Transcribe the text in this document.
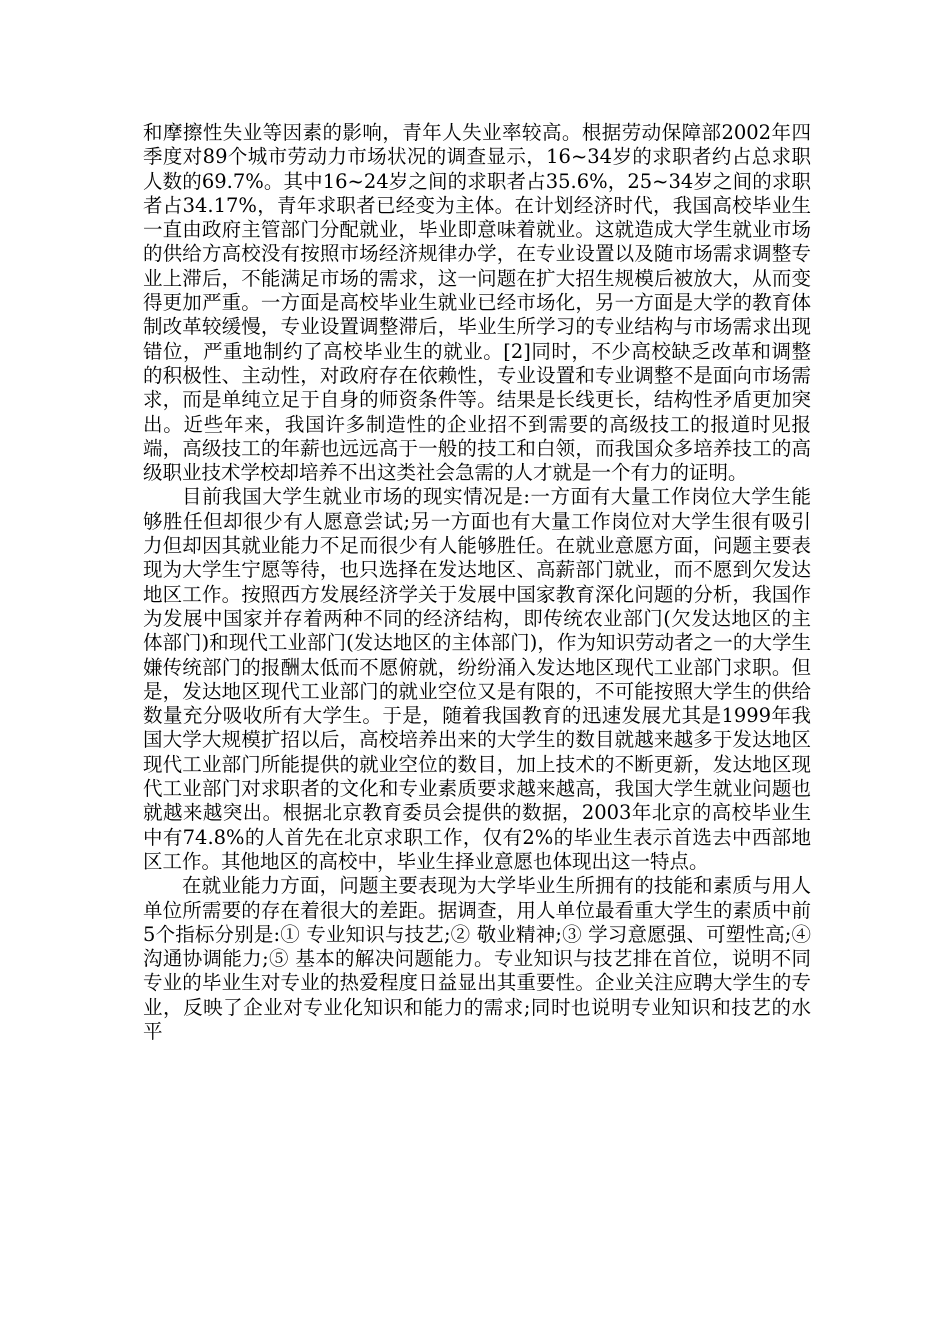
和摩擦性失业等因素的影响，青年人失业率较高。根据劳动保障部2002年四季度对89个城市劳动力市场状况的调查显示，16~34岁的求职者约占总求职人数的69.7%。其中16~24岁之间的求职者占35.6%，25~34岁之间的求职者占34.17%，青年求职者已经变为主体。在计划经济时代，我国高校毕业生一直由政府主管部门分配就业，毕业即意味着就业。这就造成大学生就业市场的供给方高校没有按照市场经济规律办学，在专业设置以及随市场需求调整专业上滞后，不能满足市场的需求，这一问题在扩大招生规模后被放大，从而变得更加严重。一方面是高校毕业生就业已经市场化，另一方面是大学的教育体制改革较缓慢，专业设置调整滞后，毕业生所学习的专业结构与市场需求出现错位，严重地制约了高校毕业生的就业。[2]同时，不少高校缺乏改革和调整的积极性、主动性，对政府存在依赖性，专业设置和专业调整不是面向市场需求，而是单纯立足于自身的师资条件等。结果是长线更长，结构性矛盾更加突出。近些年来，我国许多制造性的企业招不到需要的高级技工的报道时见报端，高级技工的年薪也远远高于一般的技工和白领，而我国众多培养技工的高级职业技术学校却培养不出这类社会急需的人才就是一个有力的证明。

目前我国大学生就业市场的现实情况是:一方面有大量工作岗位大学生能够胜任但却很少有人愿意尝试;另一方面也有大量工作岗位对大学生很有吸引力但却因其就业能力不足而很少有人能够胜任。在就业意愿方面，问题主要表现为大学生宁愿等待，也只选择在发达地区、高薪部门就业，而不愿到欠发达地区工作。按照西方发展经济学关于发展中国家教育深化问题的分析，我国作为发展中国家并存着两种不同的经济结构，即传统农业部门(欠发达地区的主体部门)和现代工业部门(发达地区的主体部门)，作为知识劳动者之一的大学生嫌传统部门的报酬太低而不愿俯就，纷纷涌入发达地区现代工业部门求职。但是，发达地区现代工业部门的就业空位又是有限的，不可能按照大学生的供给数量充分吸收所有大学生。于是，随着我国教育的迅速发展尤其是1999年我国大学大规模扩招以后，高校培养出来的大学生的数目就越来越多于发达地区现代工业部门所能提供的就业空位的数目，加上技术的不断更新，发达地区现代工业部门对求职者的文化和专业素质要求越来越高，我国大学生就业问题也就越来越突出。根据北京教育委员会提供的数据，2003年北京的高校毕业生中有74.8%的人首先在北京求职工作，仅有2%的毕业生表示首选去中西部地区工作。其他地区的高校中，毕业生择业意愿也体现出这一特点。

在就业能力方面，问题主要表现为大学毕业生所拥有的技能和素质与用人单位所需要的存在着很大的差距。据调查，用人单位最看重大学生的素质中前5个指标分别是:① 专业知识与技艺;② 敬业精神;③ 学习意愿强、可塑性高;④ 沟通协调能力;⑤ 基本的解决问题能力。专业知识与技艺排在首位，说明不同专业的毕业生对专业的热爱程度日益显出其重要性。企业关注应聘大学生的专业，反映了企业对专业化知识和能力的需求;同时也说明专业知识和技艺的水平
